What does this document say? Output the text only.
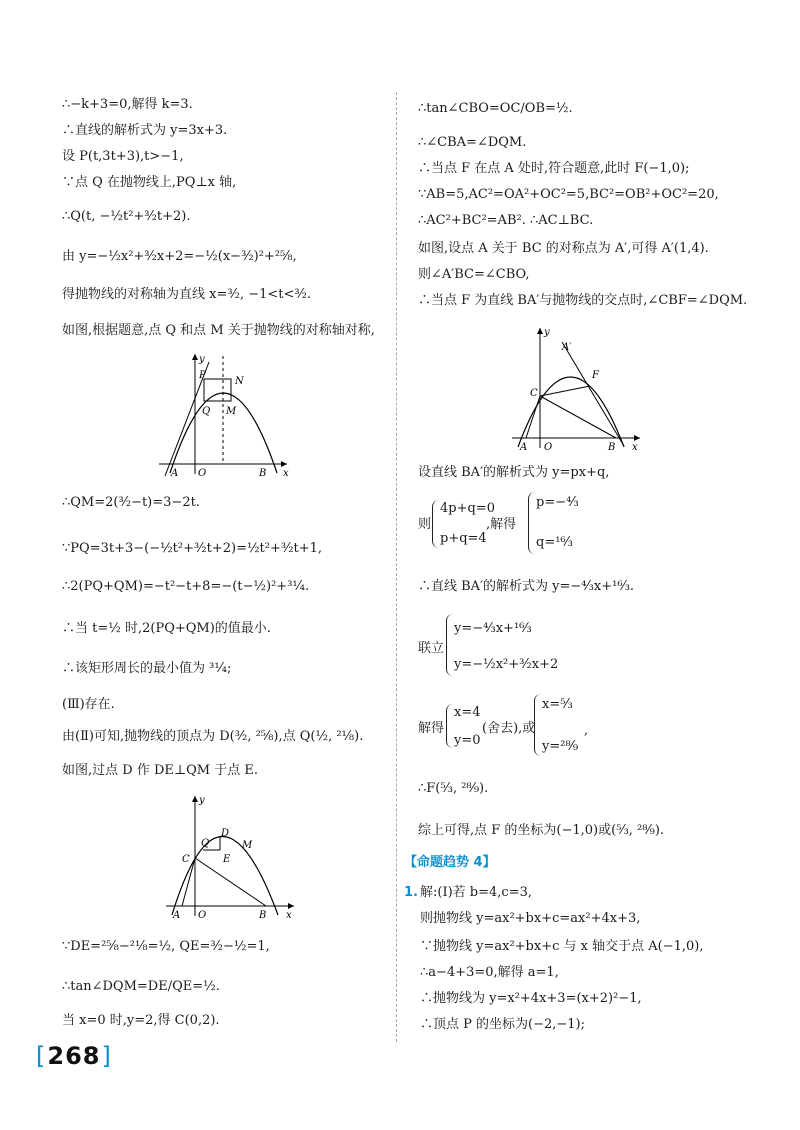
∴−k+3=0,解得 k=3.
∴直线的解析式为 y=3x+3.
设 P(t,3t+3),t>−1,
∵点 Q 在抛物线上,PQ⊥x 轴,
∴Q(t, −½t²+³⁄₂t+2).
由 y=−½x²+³⁄₂x+2=−½(x−³⁄₂)²+²⁵⁄₈,
得抛物线的对称轴为直线 x=³⁄₂, −1<t<³⁄₂.
如图,根据题意,点 Q 和点 M 关于抛物线的对称轴对称,
y
P
N
Q M
A O	B x
∴QM=2(³⁄₂−t)=3−2t.
∵PQ=3t+3−(−½t²+³⁄₂t+2)=½t²+³⁄₂t+1,
∴2(PQ+QM)=−t²−t+8=−(t−½)²+³¹⁄₄.
∴当 t=½ 时,2(PQ+QM)的值最小.
∴该矩形周长的最小值为 ³¹⁄₄;
(Ⅲ)存在.
由(Ⅱ)可知,抛物线的顶点为 D(³⁄₂, ²⁵⁄₈),点 Q(½, ²¹⁄₈).
如图,过点 D 作 DE⊥QM 于点 E.
y
D
Q	M
E
C
A O	B x
∵DE=²⁵⁄₈−²¹⁄₈=½, QE=³⁄₂−½=1,
∴tan∠DQM=DE/QE=½.
当 x=0 时,y=2,得 C(0,2).
∴tan∠CBO=OC/OB=½.
∴∠CBA=∠DQM.
∴当点 F 在点 A 处时,符合题意,此时 F(−1,0);
∵AB=5,AC²=OA²+OC²=5,BC²=OB²+OC²=20,
∴AC²+BC²=AB². ∴AC⊥BC.
如图,设点 A 关于 BC 的对称点为 A′,可得 A′(1,4).
则∠A′BC=∠CBO,
∴当点 F 为直线 BA′与抛物线的交点时,∠CBF=∠DQM.
y
A′
F
C
A O	B x
设直线 BA′的解析式为 y=px+q,
则
4p+q=0
p+q=4
,解得
p=−⁴⁄₃
q=¹⁶⁄₃
∴直线 BA′的解析式为 y=−⁴⁄₃x+¹⁶⁄₃.
联立
y=−⁴⁄₃x+¹⁶⁄₃
y=−½x²+³⁄₂x+2
解得
x=4
y=0
(舍去),或
x=⁵⁄₃
y=²⁸⁄₉
,
∴F(⁵⁄₃, ²⁸⁄₉).
综上可得,点 F 的坐标为(−1,0)或(⁵⁄₃, ²⁸⁄₉).
【命题趋势 4】
1. 解:(Ⅰ)若 b=4,c=3,
则抛物线 y=ax²+bx+c=ax²+4x+3,
∵抛物线 y=ax²+bx+c 与 x 轴交于点 A(−1,0),
∴a−4+3=0,解得 a=1,
∴抛物线为 y=x²+4x+3=(x+2)²−1,
∴顶点 P 的坐标为(−2,−1);
[ 268 ]
